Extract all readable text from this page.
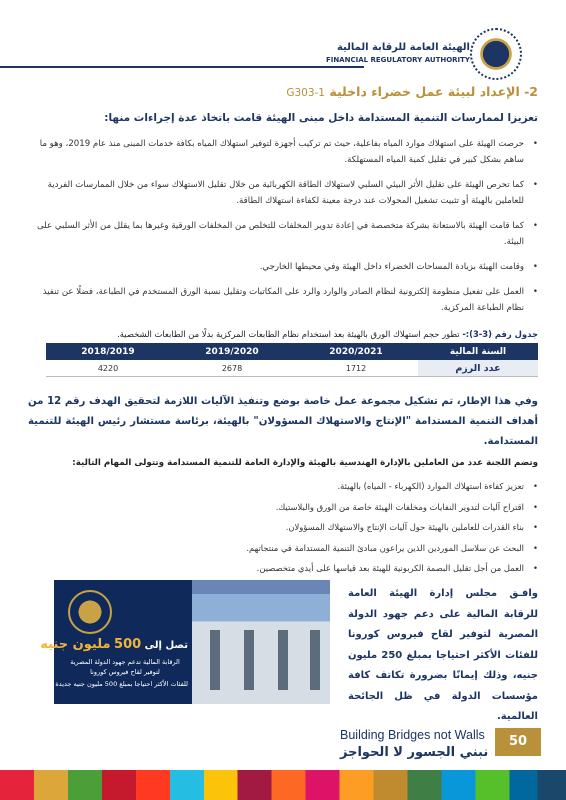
الهيئة العامة للرقابة المالية
FINANCIAL REGULATORY AUTHORITY
2- الإعداد لبيئة عمل خضراء داخلية G303-1
تعزيزا لممارسات التنمية المستدامة داخل مبنى الهيئة قامت باتخاذ عدة إجراءات منها:
• حرصت الهيئة على استهلاك موارد المياه بفاعلية، حيث تم تركيب أجهزة لتوفير استهلاك المياه بكافة خدمات المبنى منذ عام 2019، وهو ما ساهم بشكل كبير في تقليل كمية المياه المستهلكة.
• كما تحرص الهيئة على تقليل الأثر البيئي السلبي لاستهلاك الطاقة الكهربائية من خلال تقليل الاستهلاك سواء من خلال الممارسات الفردية للعاملين بالهيئة أو تثبيت تشغيل المحولات عند درجة معينة لكفاءة استهلاك الطاقة.
• كما قامت الهيئة بالاستعانة بشركة متخصصة في إعادة تدوير المخلفات للتخلص من المخلفات الورقية وغيرها بما يقلل من الأثر السلبي على البيئة.
• وقامت الهيئة بزيادة المساحات الخضراء داخل الهيئة وفي محيطها الخارجي.
• العمل على تفعيل منظومة إلكترونية لنظام الصادر والوارد والرد على المكاتبات وتقليل نسبة الورق المستخدم في الطباعة، فضلًا عن تنفيذ نظام الطباعة المركزية.
جدول رقم (3-3):- تطور حجم استهلاك الورق بالهيئة بعد استخدام نظام الطابعات المركزية بدلًا من الطابعات الشخصية.
السنة المالية	2020/2021	2019/2020	2018/2019
عدد الرزم	1712	2678	4220
وفي هذا الإطار، تم تشكيل مجموعة عمل خاصة بوضع وتنفيذ الآليات اللازمة لتحقيق الهدف رقم 12 من أهداف التنمية المستدامة "الإنتاج والاستهلاك المسؤولان" بالهيئة، برئاسة مستشار رئيس الهيئة للتنمية المستدامة.
وتضم اللجنة عدد من العاملين بالإدارة الهندسية بالهيئة والإدارة العامة للتنمية المستدامة وتتولى المهام التالية:
• تعزيز كفاءة استهلاك الموارد (الكهرباء - المياه) بالهيئة.
• اقتراح آليات لتدوير النفايات ومخلفات الهيئة خاصة من الورق والبلاستيك.
• بناء القدرات للعاملين بالهيئة حول آليات الإنتاج والاستهلاك المسؤولان.
• البحث عن سلاسل الموردين الذين يراعون مبادئ التنمية المستدامة في منتجاتهم.
• العمل من أجل تقليل البصمة الكربونية للهيئة بعد قياسها على أيدي متخصصين.
تصل إلى 500 مليون جنيه
الرقابة المالية تدعم جهود الدولة المصرية
لتوفير لقاح فيروس كورونا
للفئات الأكثر احتياجا بمبلغ 500 مليون جنيه جديدة
وافـق مجلس إدارة الهيئة العامة للرقابة المالية على دعم جهود الدولة المصرية لتوفير لقاح فيروس كورونا للفئات الأكثر احتياجا بمبلغ 250 مليون جنيه، وذلك إيمانًا بضرورة تكاتف كافة مؤسسات الدولة في ظل الجائحة العالمية.
Building Bridges not Walls
نبني الجسور لا الحواجز
50
